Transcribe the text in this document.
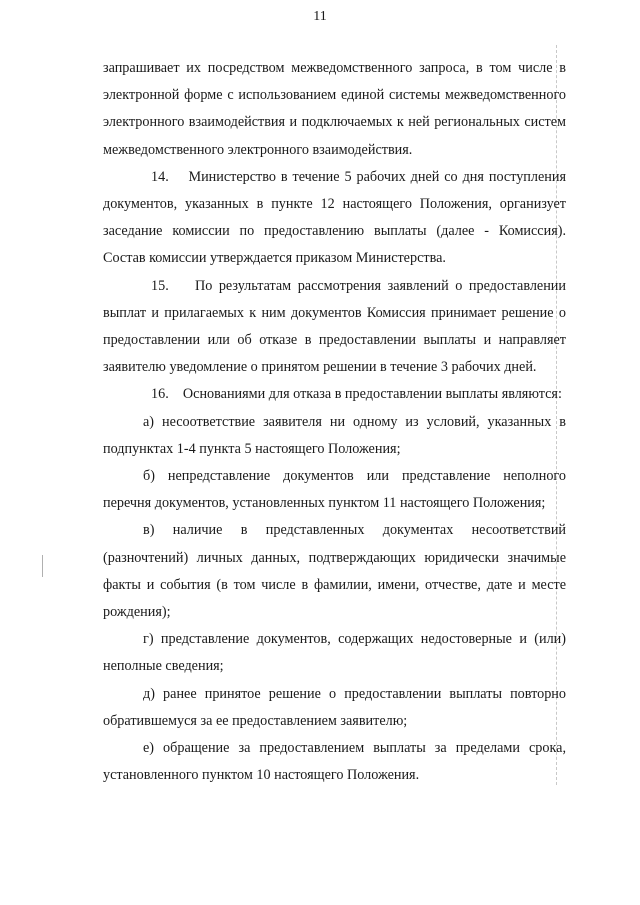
11

запрашивает их посредством межведомственного запроса, в том числе в электронной форме с использованием единой системы межведомственного электронного взаимодействия и подключаемых к ней региональных систем межведомственного электронного взаимодействия.

14.    Министерство в течение 5 рабочих дней со дня поступления документов, указанных в пункте 12 настоящего Положения, организует заседание комиссии по предоставлению выплаты (далее - Комиссия). Состав комиссии утверждается приказом Министерства.

15.    По результатам рассмотрения заявлений о предоставлении выплат и прилагаемых к ним документов Комиссия принимает решение о предоставлении или об отказе в предоставлении выплаты и направляет заявителю уведомление о принятом решении в течение 3 рабочих дней.

16.    Основаниями для отказа в предоставлении выплаты являются:

а) несоответствие заявителя ни одному из условий, указанных в подпунктах 1-4 пункта 5 настоящего Положения;

б) непредставление документов или представление неполного перечня документов, установленных пунктом 11 настоящего Положения;

в) наличие в представленных документах несоответствий (разночтений) личных данных, подтверждающих юридически значимые факты и события (в том числе в фамилии, имени, отчестве, дате и месте рождения);

г) представление документов, содержащих недостоверные и (или) неполные сведения;

д) ранее принятое решение о предоставлении выплаты повторно обратившемуся за ее предоставлением заявителю;

е) обращение за предоставлением выплаты за пределами срока, установленного пунктом 10 настоящего Положения.
